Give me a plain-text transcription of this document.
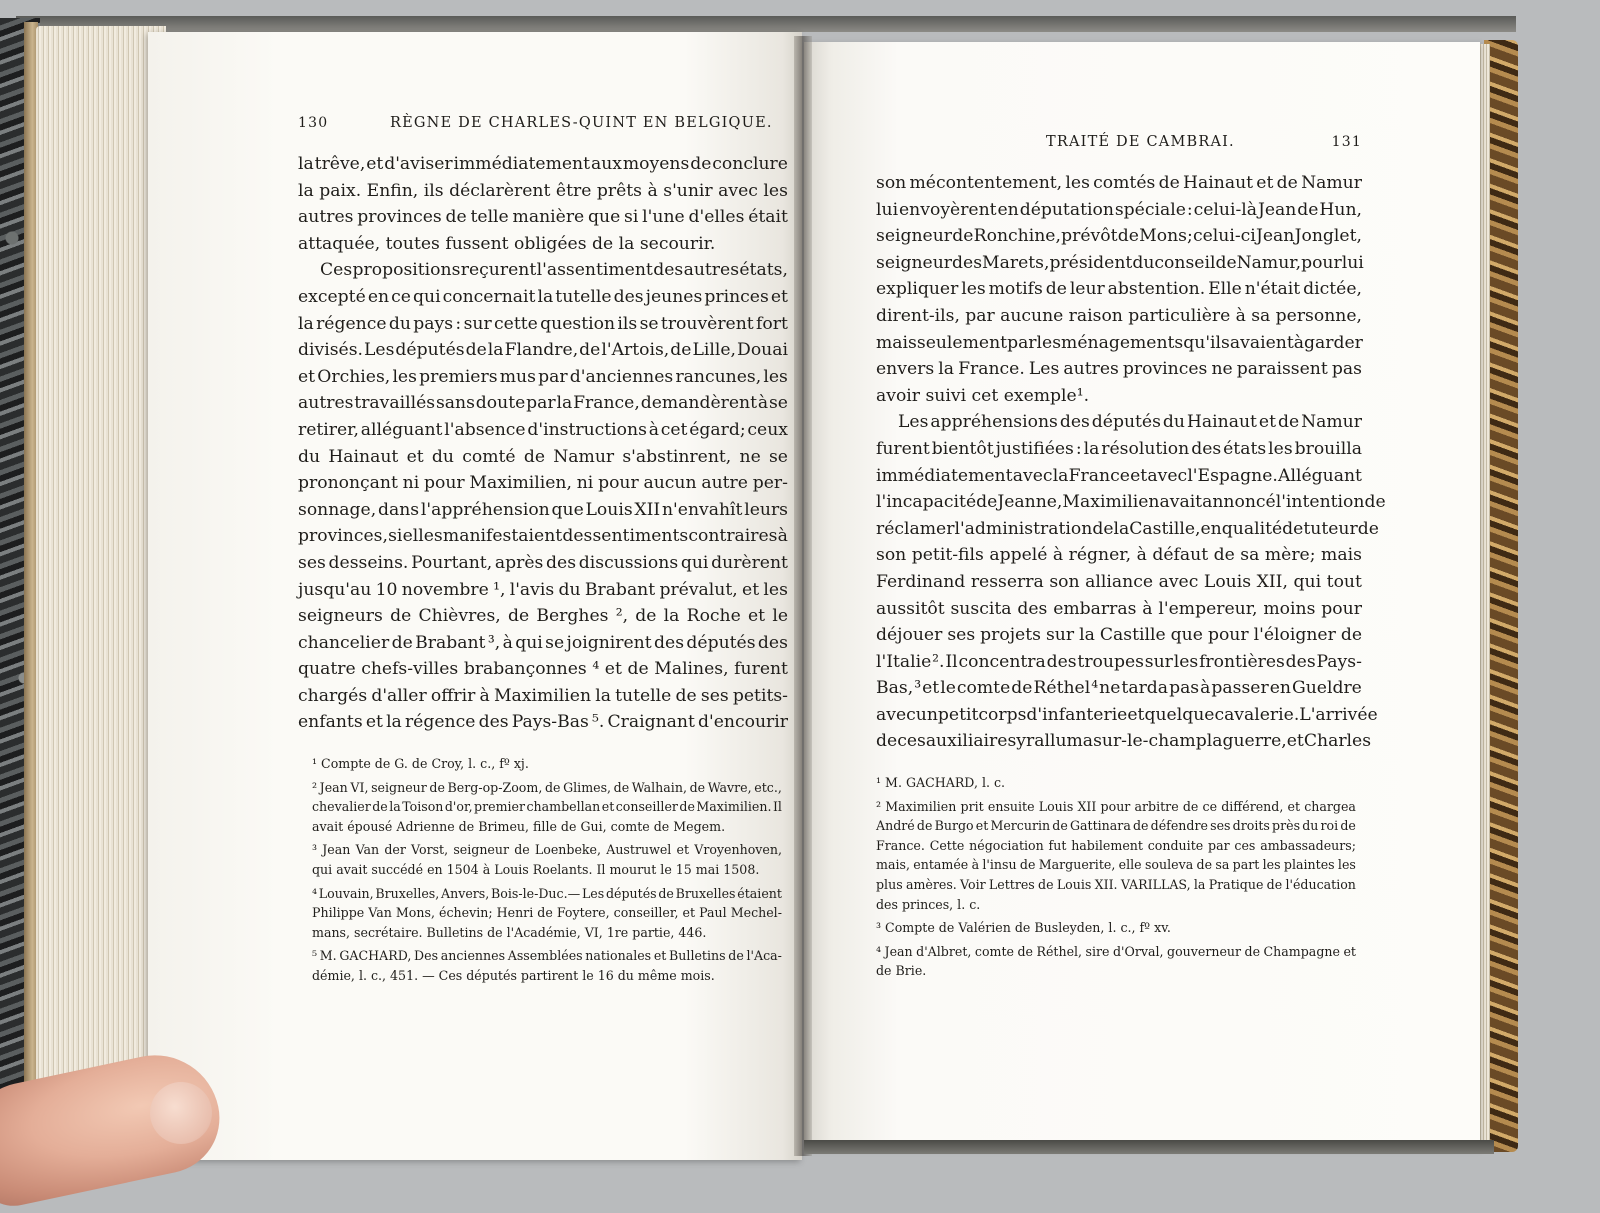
130	RÈGNE DE CHARLES-QUINT EN BELGIQUE.
la trêve, et d'aviser immédiatement aux moyens de conclure
la paix. Enfin, ils déclarèrent être prêts à s'unir avec les
autres provinces de telle manière que si l'une d'elles était
attaquée, toutes fussent obligées de la secourir.
Ces propositions reçurent l'assentiment des autres états,
excepté en ce qui concernait la tutelle des jeunes princes et
la régence du pays : sur cette question ils se trouvèrent fort
divisés. Les députés de la Flandre, de l'Artois, de Lille, Douai
et Orchies, les premiers mus par d'anciennes rancunes, les
autres travaillés sans doute par la France, demandèrent à se
retirer, alléguant l'absence d'instructions à cet égard; ceux
du Hainaut et du comté de Namur s'abstinrent, ne se
prononçant ni pour Maximilien, ni pour aucun autre per-
sonnage, dans l'appréhension que Louis XII n'envahît leurs
provinces, si elles manifestaient des sentiments contraires à
ses desseins. Pourtant, après des discussions qui durèrent
jusqu'au 10 novembre ¹, l'avis du Brabant prévalut, et les
seigneurs de Chièvres, de Berghes ², de la Roche et le
chancelier de Brabant ³, à qui se joignirent des députés des
quatre chefs-villes brabançonnes ⁴ et de Malines, furent
chargés d'aller offrir à Maximilien la tutelle de ses petits-
enfants et la régence des Pays-Bas ⁵. Craignant d'encourir
¹ Compte de G. de Croy, l. c., fº xj.
² Jean VI, seigneur de Berg-op-Zoom, de Glimes, de Walhain, de Wavre, etc.,
chevalier de la Toison d'or, premier chambellan et conseiller de Maximilien. Il
avait épousé Adrienne de Brimeu, fille de Gui, comte de Megem.
³ Jean Van der Vorst, seigneur de Loenbeke, Austruwel et Vroyenhoven,
qui avait succédé en 1504 à Louis Roelants. Il mourut le 15 mai 1508.
⁴ Louvain, Bruxelles, Anvers, Bois-le-Duc.— Les députés de Bruxelles étaient
Philippe Van Mons, échevin; Henri de Foytere, conseiller, et Paul Mechel-
mans, secrétaire. Bulletins de l'Académie, VI, 1re partie, 446.
⁵ M. GACHARD, Des anciennes Assemblées nationales et Bulletins de l'Aca-
démie, l. c., 451. — Ces députés partirent le 16 du même mois.
TRAITÉ DE CAMBRAI.	131
son mécontentement, les comtés de Hainaut et de Namur
lui envoyèrent en députation spéciale : celui-là Jean de Hun,
seigneur de Ronchine, prévôt de Mons; celui-ci Jean Jonglet,
seigneur des Marets, président du conseil de Namur, pour lui
expliquer les motifs de leur abstention. Elle n'était dictée,
dirent-ils, par aucune raison particulière à sa personne,
mais seulement par les ménagements qu'ils avaient à garder
envers la France. Les autres provinces ne paraissent pas
avoir suivi cet exemple¹.
Les appréhensions des députés du Hainaut et de Namur
furent bientôt justifiées : la résolution des états les brouilla
immédiatement avec la France et avec l'Espagne. Alléguant
l'incapacité de Jeanne, Maximilien avait annoncé l'intention de
réclamer l'administration de la Castille, en qualité de tuteur de
son petit-fils appelé à régner, à défaut de sa mère; mais
Ferdinand resserra son alliance avec Louis XII, qui tout
aussitôt suscita des embarras à l'empereur, moins pour
déjouer ses projets sur la Castille que pour l'éloigner de
l'Italie ². Il concentra des troupes sur les frontières des Pays-
Bas, ³ et le comte de Réthel ⁴ ne tarda pas à passer en Gueldre
avec un petit corps d'infanterie et quelque cavalerie. L'arrivée
de ces auxiliaires y ralluma sur-le-champ la guerre, et Charles
¹ M. GACHARD, l. c.
² Maximilien prit ensuite Louis XII pour arbitre de ce différend, et chargea
André de Burgo et Mercurin de Gattinara de défendre ses droits près du roi de
France. Cette négociation fut habilement conduite par ces ambassadeurs;
mais, entamée à l'insu de Marguerite, elle souleva de sa part les plaintes les
plus amères. Voir Lettres de Louis XII. VARILLAS, la Pratique de l'éducation
des princes, l. c.
³ Compte de Valérien de Busleyden, l. c., fº xv.
⁴ Jean d'Albret, comte de Réthel, sire d'Orval, gouverneur de Champagne et
de Brie.
